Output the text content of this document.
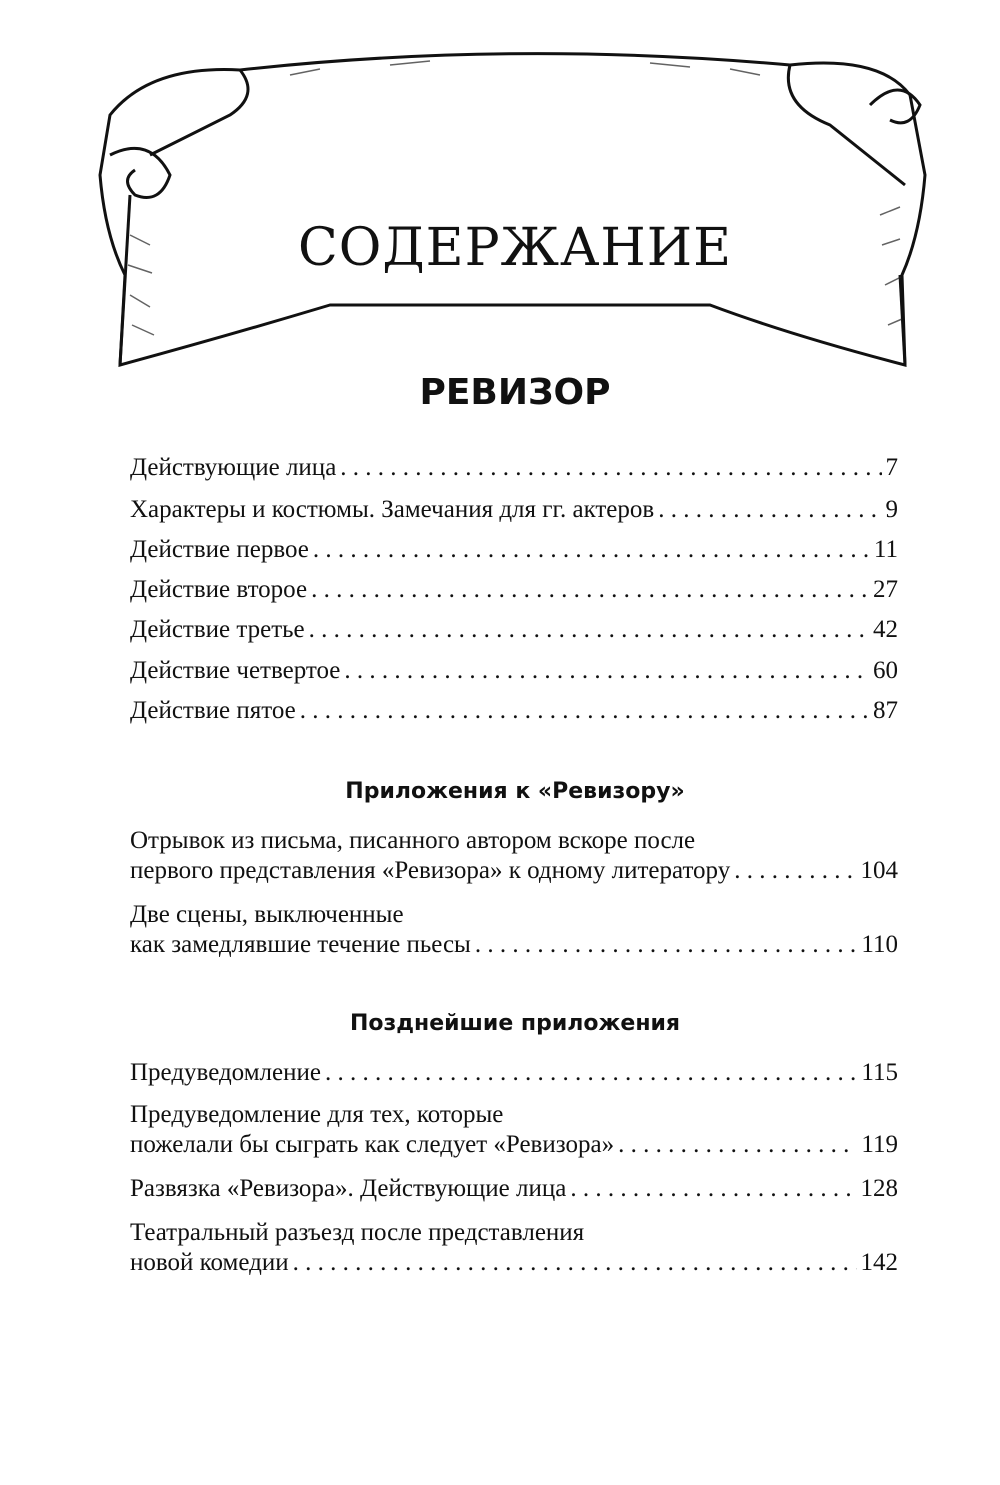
СОДЕРЖАНИЕ
РЕВИЗОР
Действующие лица . . .	7
Характеры и костюмы. Замечания для гг. актеров . . .	9
Действие первое . . .	11
Действие второе . . .	27
Действие третье . . .	42
Действие четвертое . . .	60
Действие пятое . . .	87
Приложения к «Ревизору»
Отрывок из письма, писанного автором вскоре после
первого представления «Ревизора» к одному литератору . . .	104
Две сцены, выключенные
как замедлявшие течение пьесы . . .	110
Позднейшие приложения
Предуведомление . . .	115
Предуведомление для тех, которые
пожелали бы сыграть как следует «Ревизора» . . .	119
Развязка «Ревизора». Действующие лица . . .	128
Театральный разъезд после представления
новой комедии . . .	142
